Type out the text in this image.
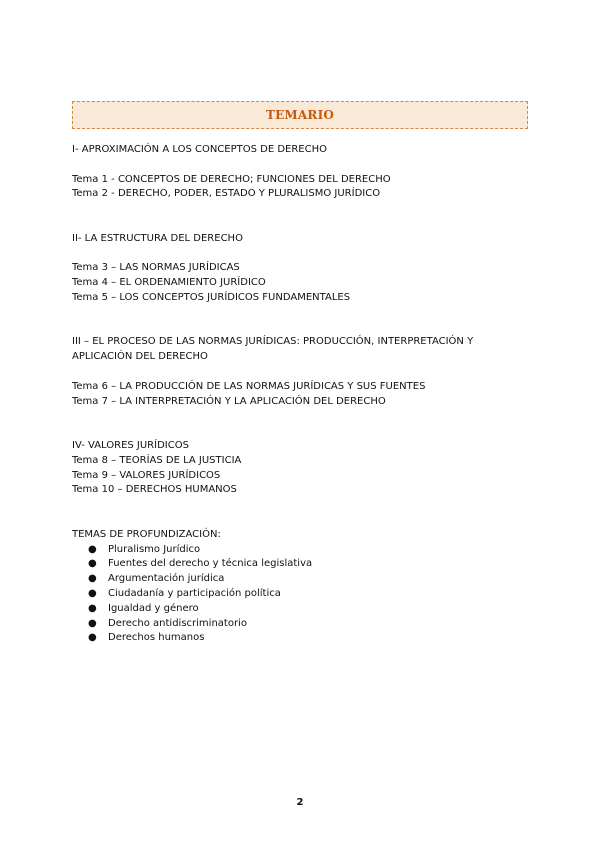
TEMARIO
I- APROXIMACIÓN A LOS CONCEPTOS DE DERECHO
Tema 1 - CONCEPTOS DE DERECHO; FUNCIONES DEL DERECHO
Tema 2 - DERECHO, PODER, ESTADO Y PLURALISMO JURÍDICO
II- LA ESTRUCTURA DEL DERECHO
Tema 3 – LAS NORMAS JURÍDICAS
Tema 4 – EL ORDENAMIENTO JURÍDICO
Tema 5 – LOS CONCEPTOS JURÍDICOS FUNDAMENTALES
III – EL PROCESO DE LAS NORMAS JURÍDICAS: PRODUCCIÓN, INTERPRETACIÓN Y APLICACIÓN DEL DERECHO
Tema 6 – LA PRODUCCIÓN DE LAS NORMAS JURÍDICAS Y SUS FUENTES
Tema 7 – LA INTERPRETACIÓN Y LA APLICACIÓN DEL DERECHO
IV- VALORES JURÍDICOS
Tema 8 – TEORÍAS DE LA JUSTICIA
Tema 9 – VALORES JURÍDICOS
Tema 10 – DERECHOS HUMANOS
TEMAS DE PROFUNDIZACIÓN:
● Pluralismo Jurídico
● Fuentes del derecho y técnica legislativa
● Argumentación jurídica
● Ciudadanía y participación política
● Igualdad y género
● Derecho antidiscriminatorio
● Derechos humanos
2
